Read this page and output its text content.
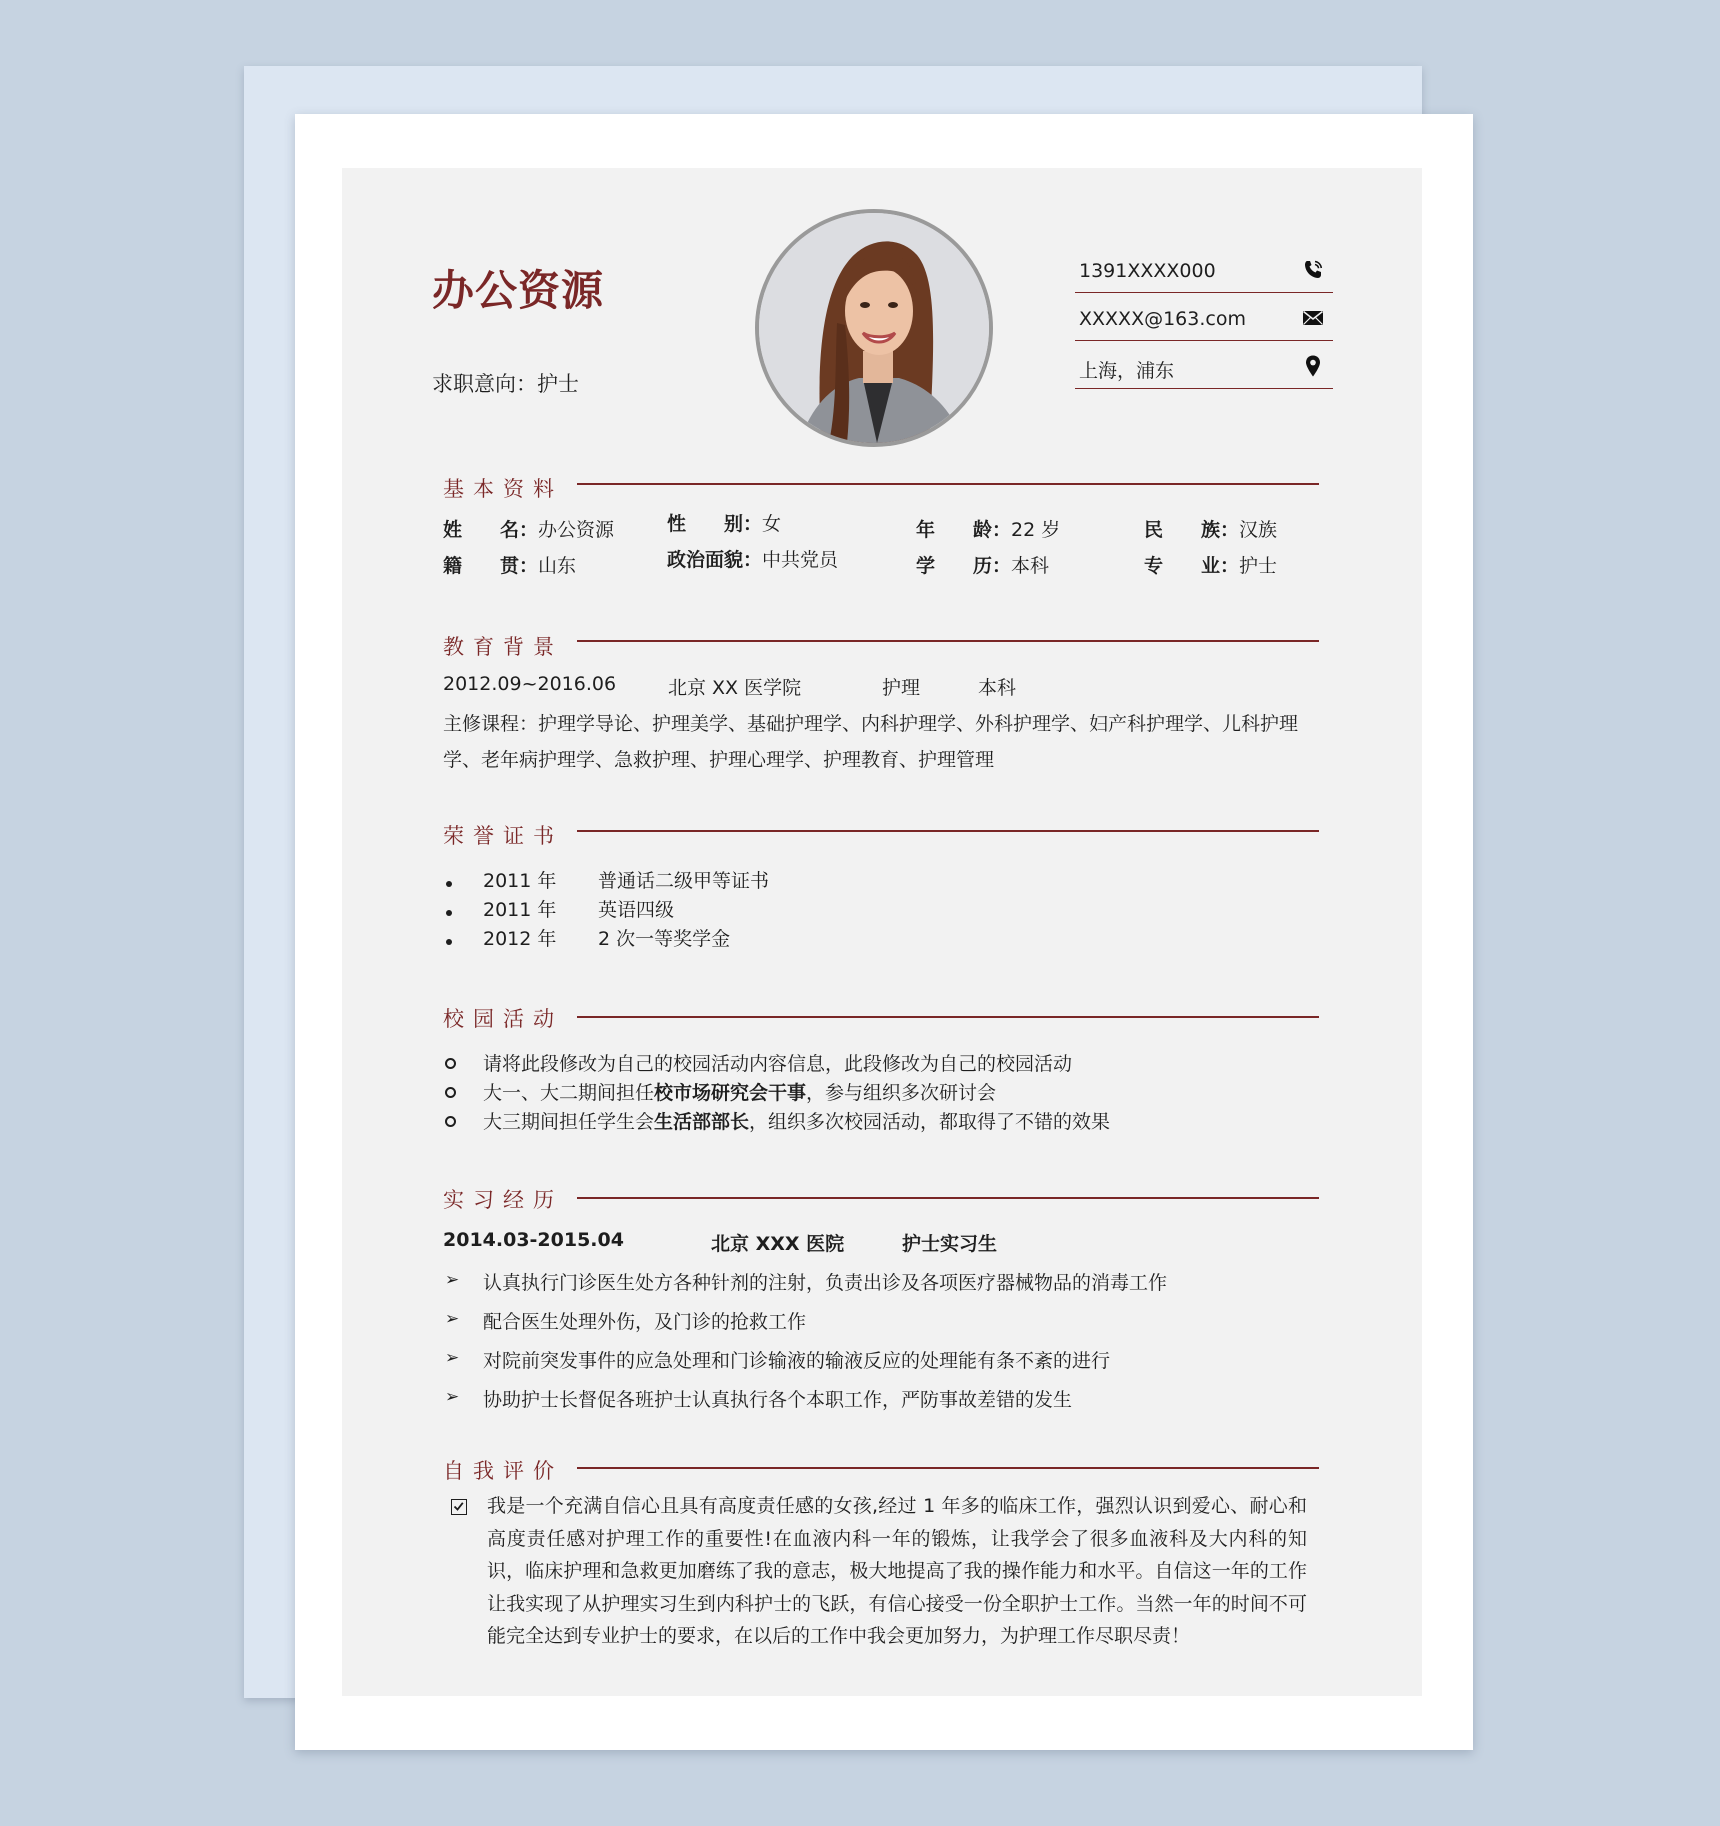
办公资源
求职意向：护士
1391XXXX000
XXXXX@163.com
上海，浦东
基本资料
姓　　名：办公资源	性　　别：女	年　　龄：22 岁	民　　族：汉族
籍　　贯：山东	政治面貌：中共党员	学　　历：本科	专　　业：护士
教育背景
2012.09~2016.06	北京 XX 医学院	护理	本科
主修课程：护理学导论、护理美学、基础护理学、内科护理学、外科护理学、妇产科护理学、儿科护理
学、老年病护理学、急救护理、护理心理学、护理教育、护理管理
荣誉证书
2011 年 普通话二级甲等证书
2011 年 英语四级
2012 年 2 次一等奖学金
校园活动
请将此段修改为自己的校园活动内容信息，此段修改为自己的校园活动
大一、大二期间担任校市场研究会干事，参与组织多次研讨会
大三期间担任学生会生活部部长，组织多次校园活动，都取得了不错的效果
实习经历
2014.03-2015.04	北京 XXX 医院	护士实习生
➢ 认真执行门诊医生处方各种针剂的注射，负责出诊及各项医疗器械物品的消毒工作
➢ 配合医生处理外伤，及门诊的抢救工作
➢ 对院前突发事件的应急处理和门诊输液的输液反应的处理能有条不紊的进行
➢ 协助护士长督促各班护士认真执行各个本职工作，严防事故差错的发生
自我评价
我是一个充满自信心且具有高度责任感的女孩,经过 1 年多的临床工作，强烈认识到爱心、耐心和高度责任感对护理工作的重要性!在血液内科一年的锻炼，让我学会了很多血液科及大内科的知识，临床护理和急救更加磨练了我的意志，极大地提高了我的操作能力和水平。自信这一年的工作让我实现了从护理实习生到内科护士的飞跃，有信心接受一份全职护士工作。当然一年的时间不可能完全达到专业护士的要求，在以后的工作中我会更加努力，为护理工作尽职尽责！
